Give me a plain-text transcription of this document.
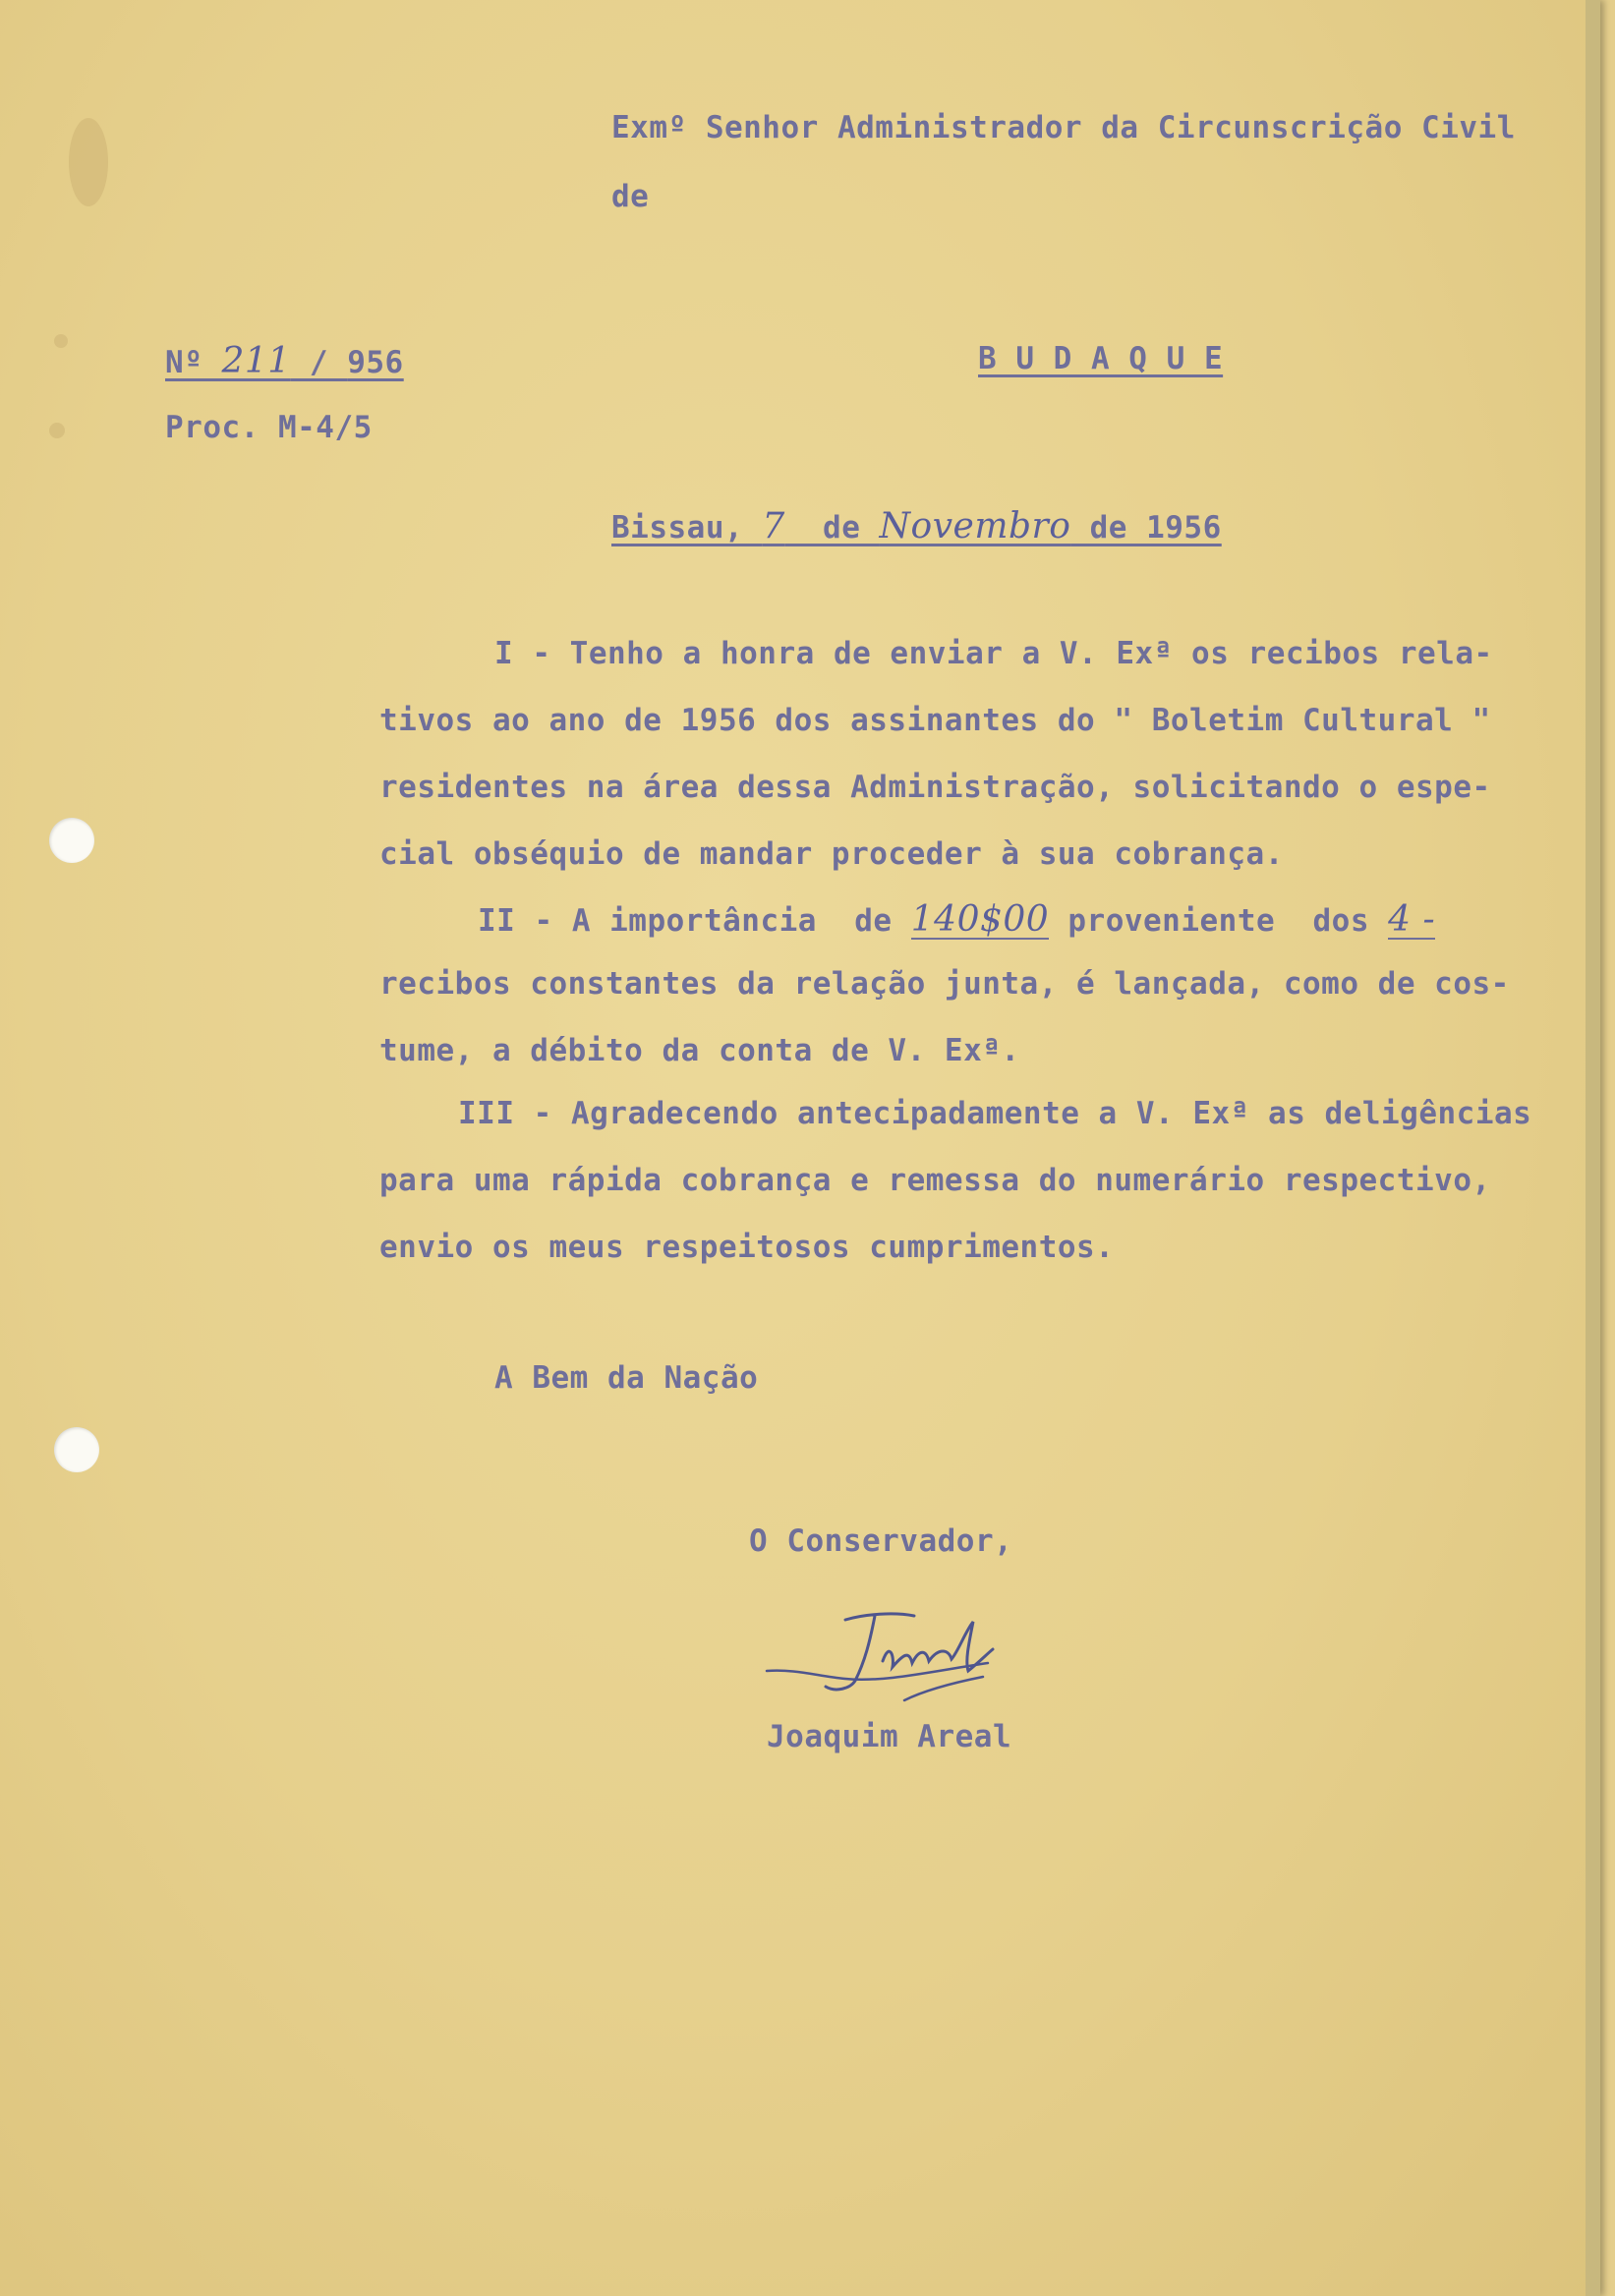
Exmº Senhor Administrador da Circunscrição Civil
de
Nº 211 / 956
Proc. M-4/5
B U D A Q U E
Bissau, 7  de Novembro de 1956
I - Tenho a honra de enviar a V. Exª os recibos rela-
tivos ao ano de 1956 dos assinantes do " Boletim Cultural "
residentes na área dessa Administração, solicitando o espe-
cial obséquio de mandar proceder à sua cobrança.
II - A importância  de 140$00 proveniente  dos 4 -
recibos constantes da relação junta, é lançada, como de cos-
tume, a débito da conta de V. Exª.
III - Agradecendo antecipadamente a V. Exª as deligências
para uma rápida cobrança e remessa do numerário respectivo,
envio os meus respeitosos cumprimentos.
A Bem da Nação
O Conservador,
Joaquim Areal
